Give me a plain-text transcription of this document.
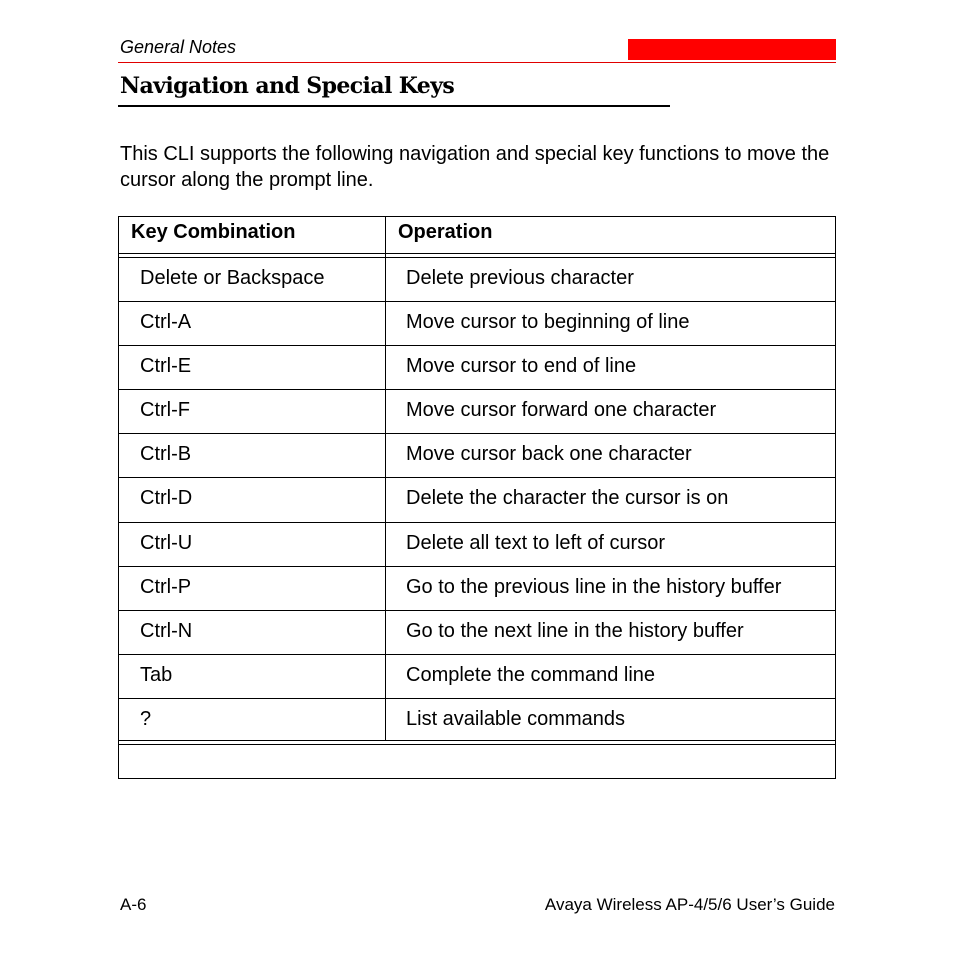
General Notes
Navigation and Special Keys
This CLI supports the following navigation and special key functions to move the cursor along the prompt line.
Key Combination	Operation
Delete or Backspace	Delete previous character
Ctrl-A	Move cursor to beginning of line
Ctrl-E	Move cursor to end of line
Ctrl-F	Move cursor forward one character
Ctrl-B	Move cursor back one character
Ctrl-D	Delete the character the cursor is on
Ctrl-U	Delete all text to left of cursor
Ctrl-P	Go to the previous line in the history buffer
Ctrl-N	Go to the next line in the history buffer
Tab	Complete the command line
?	List available commands
A-6	Avaya Wireless AP-4/5/6 User’s Guide
